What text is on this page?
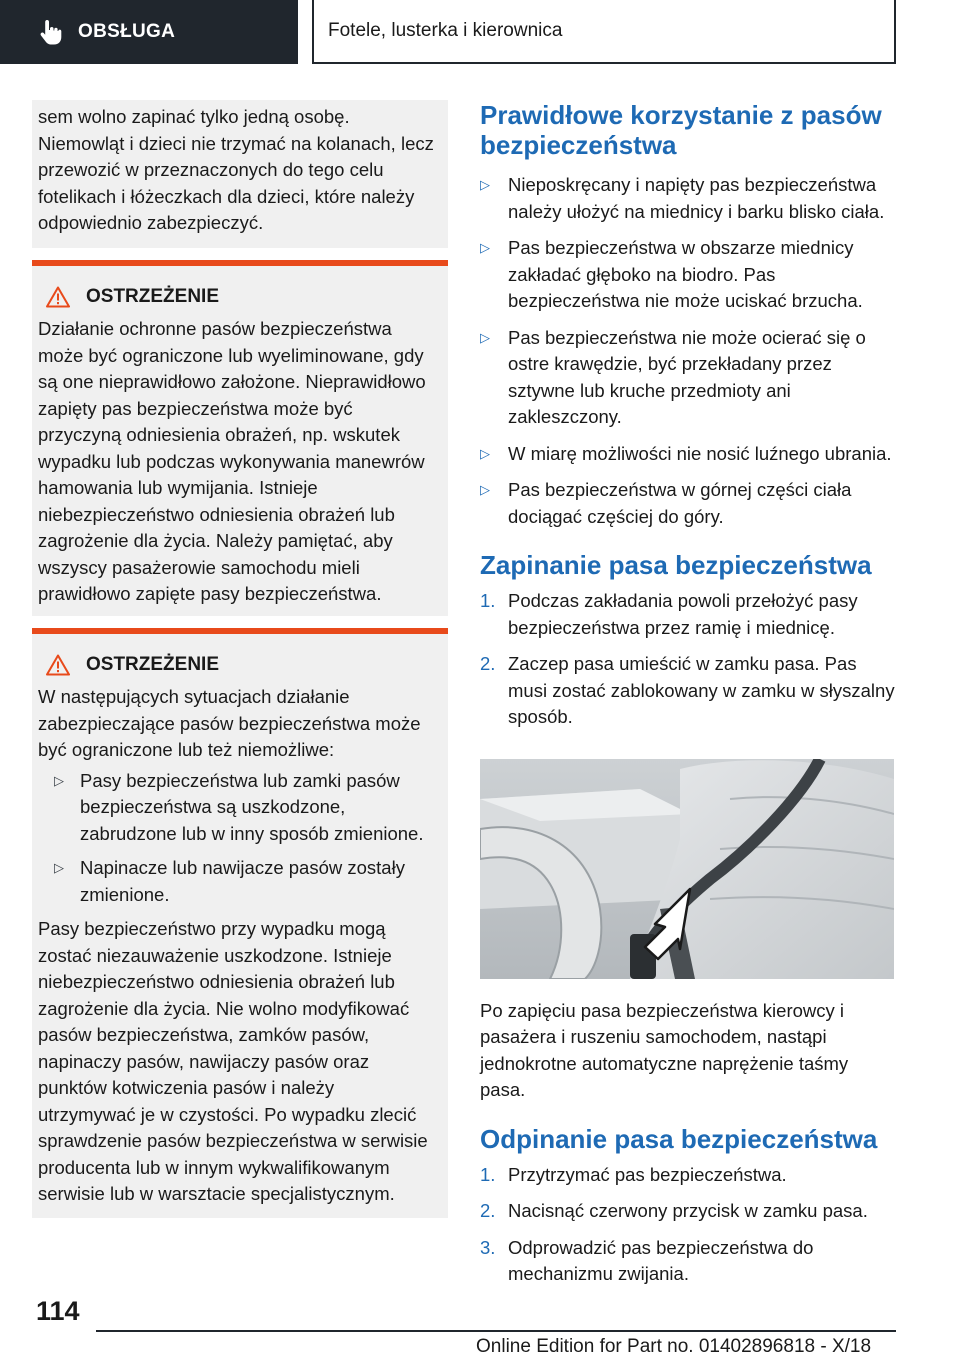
OBSŁUGA	Fotele, lusterka i kierownica

sem wolno zapinać tylko jedną osobę. Niemowląt i dzieci nie trzymać na kolanach, lecz przewozić w przeznaczonych do tego celu fotelikach i łóżeczkach dla dzieci, które należy odpowiednio zabezpieczyć.

OSTRZEŻENIE

Działanie ochronne pasów bezpieczeństwa może być ograniczone lub wyeliminowane, gdy są one nieprawidłowo założone. Nieprawidłowo zapięty pas bezpieczeństwa może być przyczyną odniesienia obrażeń, np. wskutek wypadku lub podczas wykonywania manewrów hamowania lub wymijania. Istnieje niebezpieczeństwo odniesienia obrażeń lub zagrożenie dla życia. Należy pamiętać, aby wszyscy pasażerowie samochodu mieli prawidłowo zapięte pasy bezpieczeństwa.

OSTRZEŻENIE

W następujących sytuacjach działanie zabezpieczające pasów bezpieczeństwa może być ograniczone lub też niemożliwe:

▷ Pasy bezpieczeństwa lub zamki pasów bezpieczeństwa są uszkodzone, zabrudzone lub w inny sposób zmienione.
▷ Napinacze lub nawijacze pasów zostały zmienione.

Pasy bezpieczeństwo przy wypadku mogą zostać niezauważenie uszkodzone. Istnieje niebezpieczeństwo odniesienia obrażeń lub zagrożenie dla życia. Nie wolno modyfikować pasów bezpieczeństwa, zamków pasów, napinaczy pasów, nawijaczy pasów oraz punktów kotwiczenia pasów i należy utrzymywać je w czystości. Po wypadku zlecić sprawdzenie pasów bezpieczeństwa w serwisie producenta lub w innym wykwalifikowanym serwisie lub w warsztacie specjalistycznym.

Prawidłowe korzystanie z pasów bezpieczeństwa
▷ Nieposkręcany i napięty pas bezpieczeństwa należy ułożyć na miednicy i barku blisko ciała.
▷ Pas bezpieczeństwa w obszarze miednicy zakładać głęboko na biodro. Pas bezpieczeństwa nie może uciskać brzucha.
▷ Pas bezpieczeństwa nie może ocierać się o ostre krawędzie, być przekładany przez sztywne lub kruche przedmioty ani zakleszczony.
▷ W miarę możliwości nie nosić luźnego ubrania.
▷ Pas bezpieczeństwa w górnej części ciała dociągać częściej do góry.
Zapinanie pasa bezpieczeństwa
1. Podczas zakładania powoli przełożyć pasy bezpieczeństwa przez ramię i miednicę.
2. Zaczep pasa umieścić w zamku pasa. Pas musi zostać zablokowany w zamku w słyszalny sposób.

Po zapięciu pasa bezpieczeństwa kierowcy i pasażera i ruszeniu samochodem, nastąpi jednokrotne automatyczne naprężenie taśmy pasa.

Odpinanie pasa bezpieczeństwa
1. Przytrzymać pas bezpieczeństwa.
2. Nacisnąć czerwony przycisk w zamku pasa.
3. Odprowadzić pas bezpieczeństwa do mechanizmu zwijania.
114
Online Edition for Part no. 01402896818 - X/18
